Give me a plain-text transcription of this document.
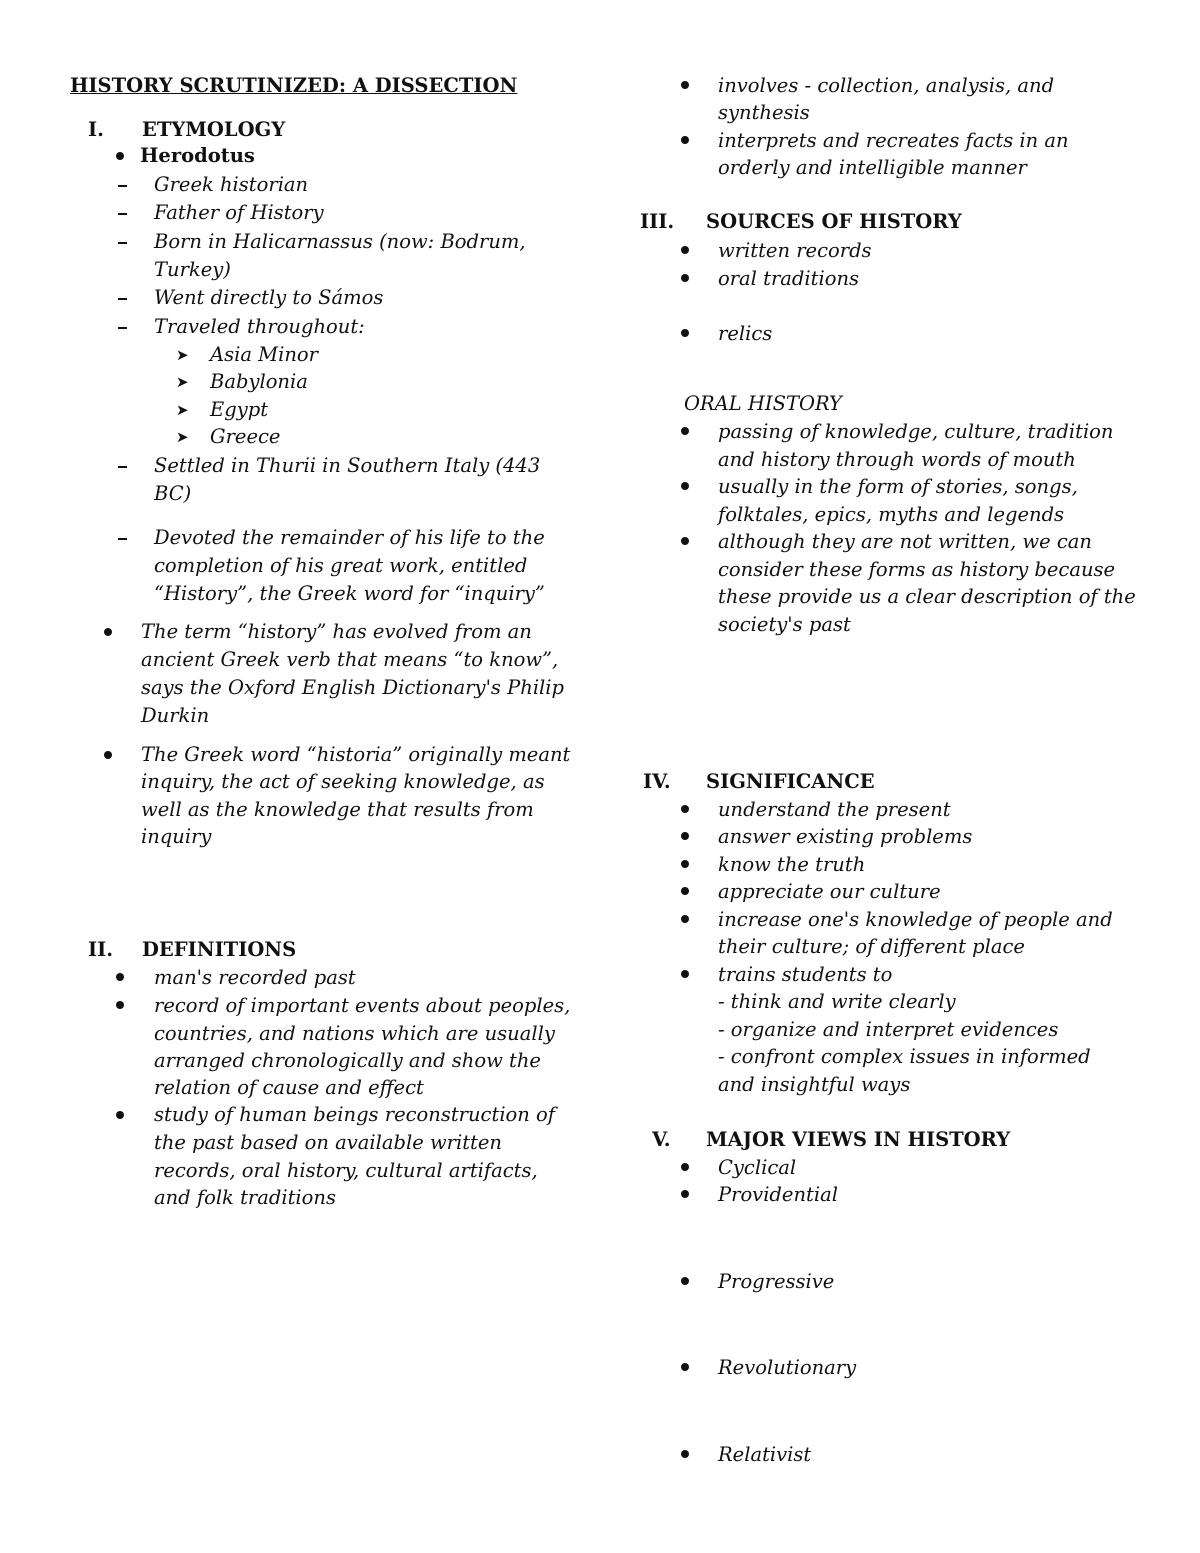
HISTORY SCRUTINIZED: A DISSECTION
I. ETYMOLOGY
Herodotus
Greek historian
Father of History
Born in Halicarnassus (now: Bodrum,
Turkey)
Went directly to Sámos
Traveled throughout:
➤ Asia Minor
➤ Babylonia
➤ Egypt
➤ Greece
Settled in Thurii in Southern Italy (443
BC)
Devoted the remainder of his life to the
completion of his great work, entitled
“History”, the Greek word for “inquiry”
The term “history” has evolved from an
ancient Greek verb that means “to know”,
says the Oxford English Dictionary's Philip
Durkin
The Greek word “historia” originally meant
inquiry, the act of seeking knowledge, as
well as the knowledge that results from
inquiry
II. DEFINITIONS
man's recorded past
record of important events about peoples,
countries, and nations which are usually
arranged chronologically and show the
relation of cause and effect
study of human beings reconstruction of
the past based on available written
records, oral history, cultural artifacts,
and folk traditions
involves - collection, analysis, and
synthesis
interprets and recreates facts in an
orderly and intelligible manner
III. SOURCES OF HISTORY
written records
oral traditions
relics
ORAL HISTORY
passing of knowledge, culture, tradition
and history through words of mouth
usually in the form of stories, songs,
folktales, epics, myths and legends
although they are not written, we can
consider these forms as history because
these provide us a clear description of the
society's past
IV. SIGNIFICANCE
understand the present
answer existing problems
know the truth
appreciate our culture
increase one's knowledge of people and
their culture; of different place
trains students to
- think and write clearly
- organize and interpret evidences
- confront complex issues in informed
and insightful ways
V. MAJOR VIEWS IN HISTORY
Cyclical
Providential
Progressive
Revolutionary
Relativist
